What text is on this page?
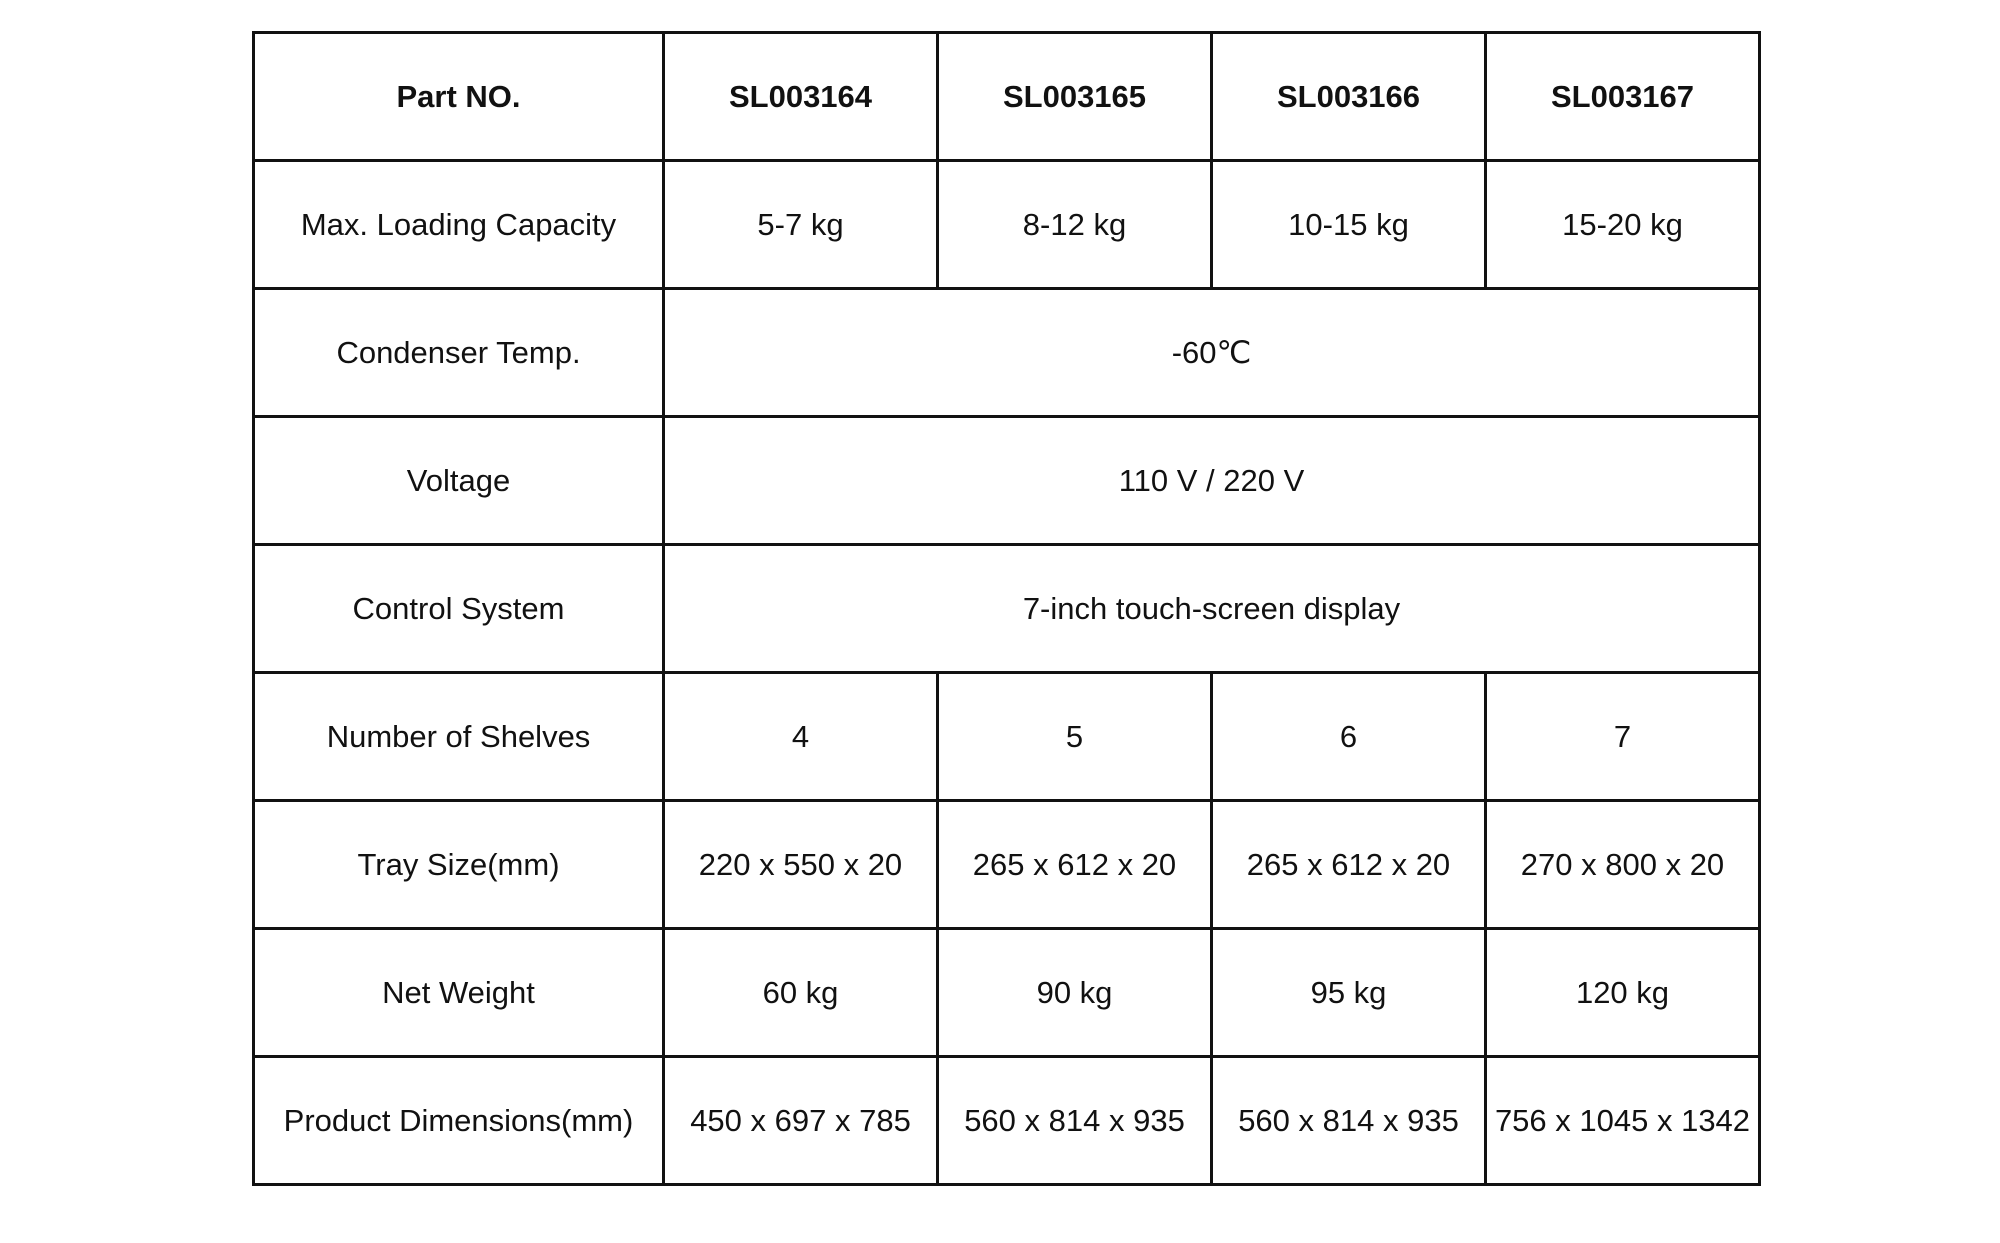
Part NO.	SL003164	SL003165	SL003166	SL003167
Max. Loading Capacity	5-7 kg	8-12 kg	10-15 kg	15-20 kg
Condenser Temp.	-60℃			
Voltage	110 V / 220 V			
Control System	7-inch touch-screen display			
Number of Shelves	4	5	6	7
Tray Size(mm)	220 x 550 x 20	265 x 612 x 20	265 x 612 x 20	270 x 800 x 20
Net Weight	60 kg	90 kg	95 kg	120 kg
Product Dimensions(mm)	450 x 697 x 785	560 x 814 x 935	560 x 814 x 935	756 x 1045 x 1342
